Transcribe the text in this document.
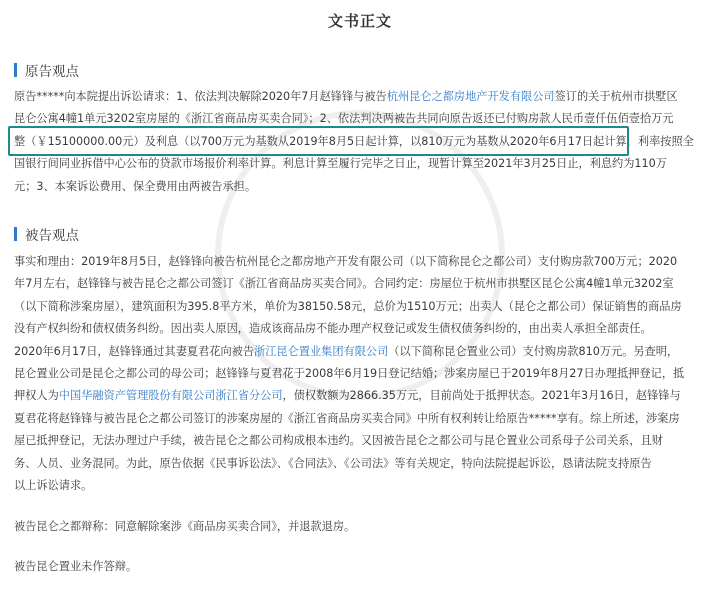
文书正文
原告观点
原告*****向本院提出诉讼请求：1、依法判决解除2020年7月赵锋锋与被告杭州昆仑之都房地产开发有限公司签订的关于杭州市拱墅区
昆仑公寓4幢1单元3202室房屋的《浙江省商品房买卖合同》；2、依法判决两被告共同向原告返还已付购房款人民币壹仟伍佰壹拾万元
整（￥15100000.00元）及利息（以700万元为基数从2019年8月5日起计算，以810万元为基数从2020年6月17日起计算，利率按照全
国银行间同业拆借中心公布的贷款市场报价利率计算。利息计算至履行完毕之日止，现暂计算至2021年3月25日止，利息约为110万
元；3、本案诉讼费用、保全费用由两被告承担。
被告观点
事实和理由：2019年8月5日，赵锋锋向被告杭州昆仑之都房地产开发有限公司（以下简称昆仑之都公司）支付购房款700万元；2020
年7月左右，赵锋锋与被告昆仑之都公司签订《浙江省商品房买卖合同》。合同约定：房屋位于杭州市拱墅区昆仑公寓4幢1单元3202室
（以下简称涉案房屋），建筑面积为395.8平方米，单价为38150.58元，总价为1510万元；出卖人（昆仑之都公司）保证销售的商品房
没有产权纠纷和债权债务纠纷。因出卖人原因，造成该商品房不能办理产权登记或发生债权债务纠纷的，由出卖人承担全部责任。
2020年6月17日，赵锋锋通过其妻夏君花向被告浙江昆仑置业集团有限公司（以下简称昆仑置业公司）支付购房款810万元。另查明，
昆仑置业公司是昆仑之都公司的母公司；赵锋锋与夏君花于2008年6月19日登记结婚；涉案房屋已于2019年8月27日办理抵押登记，抵
押权人为中国华融资产管理股份有限公司浙江省分公司，债权数额为2866.35万元，目前尚处于抵押状态。2021年3月16日，赵锋锋与
夏君花将赵锋锋与被告昆仑之都公司签订的涉案房屋的《浙江省商品房买卖合同》中所有权利转让给原告*****享有。综上所述，涉案房
屋已抵押登记，无法办理过户手续，被告昆仑之都公司构成根本违约。又因被告昆仑之都公司与昆仑置业公司系母子公司关系，且财
务、人员、业务混同。为此，原告依据《民事诉讼法》、《合同法》、《公司法》等有关规定，特向法院提起诉讼，恳请法院支持原告
以上诉讼请求。
被告昆仑之都辩称：同意解除案涉《商品房买卖合同》，并退款退房。
被告昆仑置业未作答辩。
